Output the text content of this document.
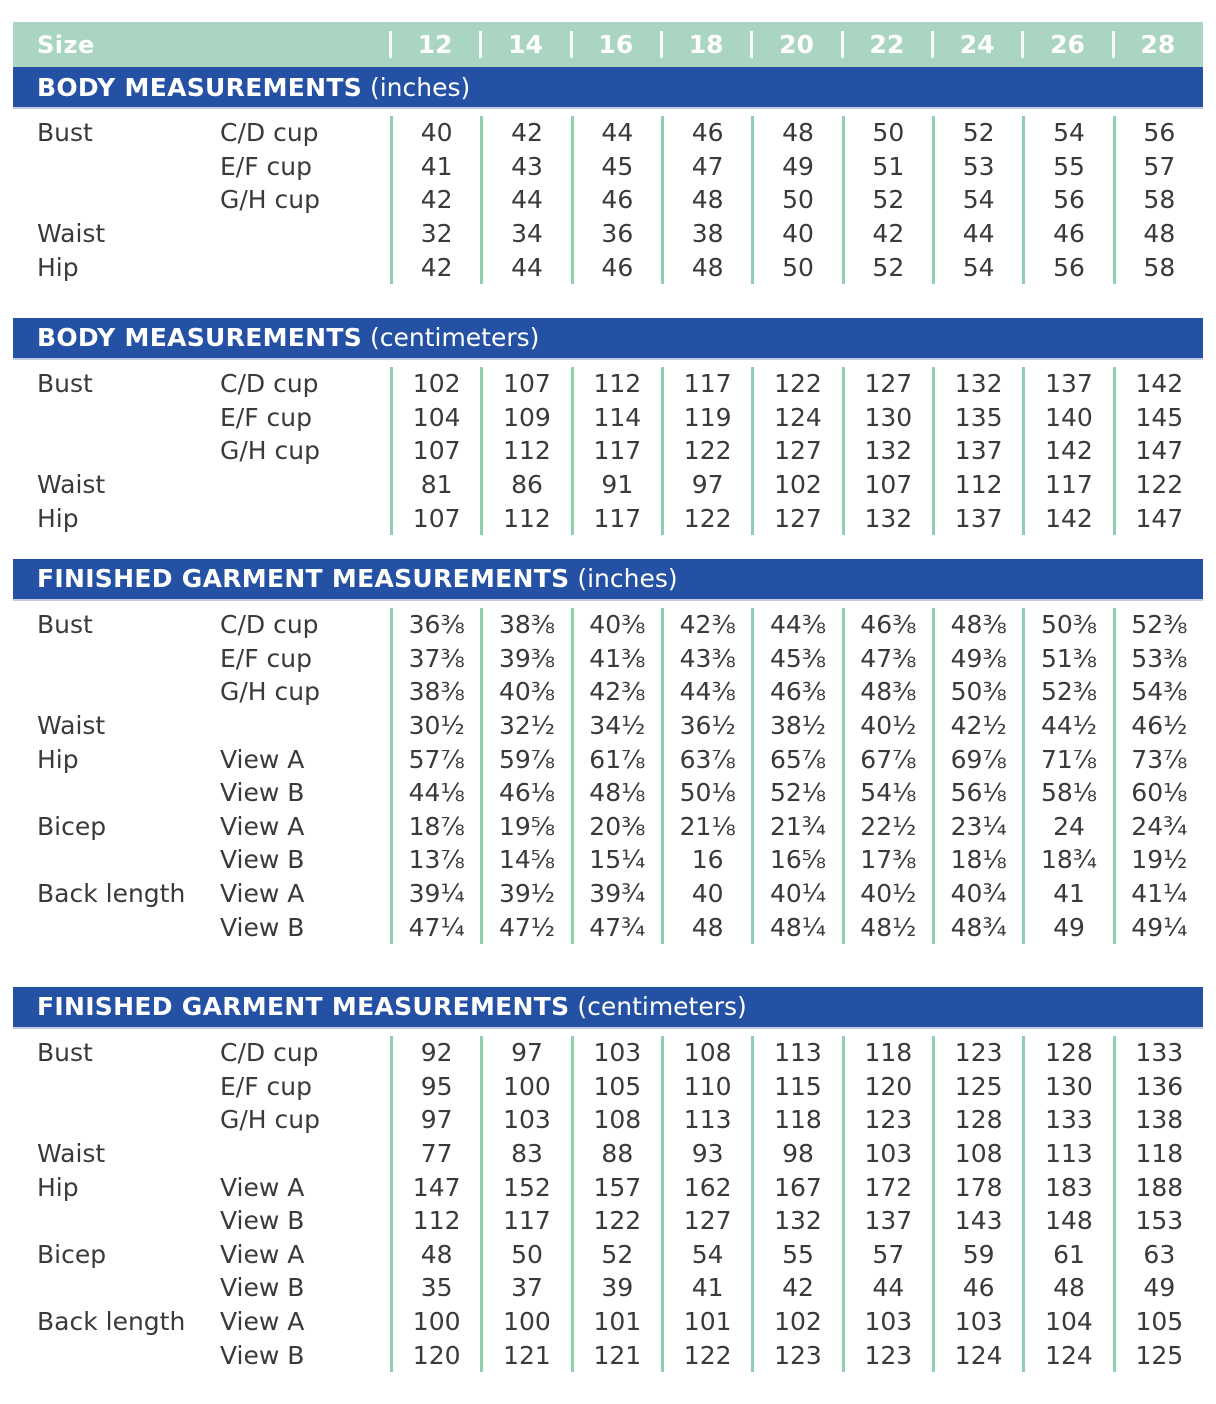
Size	12	14	16	18	20	22	24	26	28
BODY MEASUREMENTS (inches)
Bust	C/D cup	40	42	44	46	48	50	52	54	56
E/F cup	41	43	45	47	49	51	53	55	57
G/H cup	42	44	46	48	50	52	54	56	58
Waist	32	34	36	38	40	42	44	46	48
Hip	42	44	46	48	50	52	54	56	58
BODY MEASUREMENTS (centimeters)
Bust	C/D cup	102	107	112	117	122	127	132	137	142
E/F cup	104	109	114	119	124	130	135	140	145
G/H cup	107	112	117	122	127	132	137	142	147
Waist	81	86	91	97	102	107	112	117	122
Hip	107	112	117	122	127	132	137	142	147
FINISHED GARMENT MEASUREMENTS (inches)
Bust	C/D cup	36⅜	38⅜	40⅜	42⅜	44⅜	46⅜	48⅜	50⅜	52⅜
E/F cup	37⅜	39⅜	41⅜	43⅜	45⅜	47⅜	49⅜	51⅜	53⅜
G/H cup	38⅜	40⅜	42⅜	44⅜	46⅜	48⅜	50⅜	52⅜	54⅜
Waist	30½	32½	34½	36½	38½	40½	42½	44½	46½
Hip	View A	57⅞	59⅞	61⅞	63⅞	65⅞	67⅞	69⅞	71⅞	73⅞
View B	44⅛	46⅛	48⅛	50⅛	52⅛	54⅛	56⅛	58⅛	60⅛
Bicep	View A	18⅞	19⅝	20⅜	21⅛	21¾	22½	23¼	24	24¾
View B	13⅞	14⅝	15¼	16	16⅝	17⅜	18⅛	18¾	19½
Back length	View A	39¼	39½	39¾	40	40¼	40½	40¾	41	41¼
View B	47¼	47½	47¾	48	48¼	48½	48¾	49	49¼
FINISHED GARMENT MEASUREMENTS (centimeters)
Bust	C/D cup	92	97	103	108	113	118	123	128	133
E/F cup	95	100	105	110	115	120	125	130	136
G/H cup	97	103	108	113	118	123	128	133	138
Waist	77	83	88	93	98	103	108	113	118
Hip	View A	147	152	157	162	167	172	178	183	188
View B	112	117	122	127	132	137	143	148	153
Bicep	View A	48	50	52	54	55	57	59	61	63
View B	35	37	39	41	42	44	46	48	49
Back length	View A	100	100	101	101	102	103	103	104	105
View B	120	121	121	122	123	123	124	124	125
